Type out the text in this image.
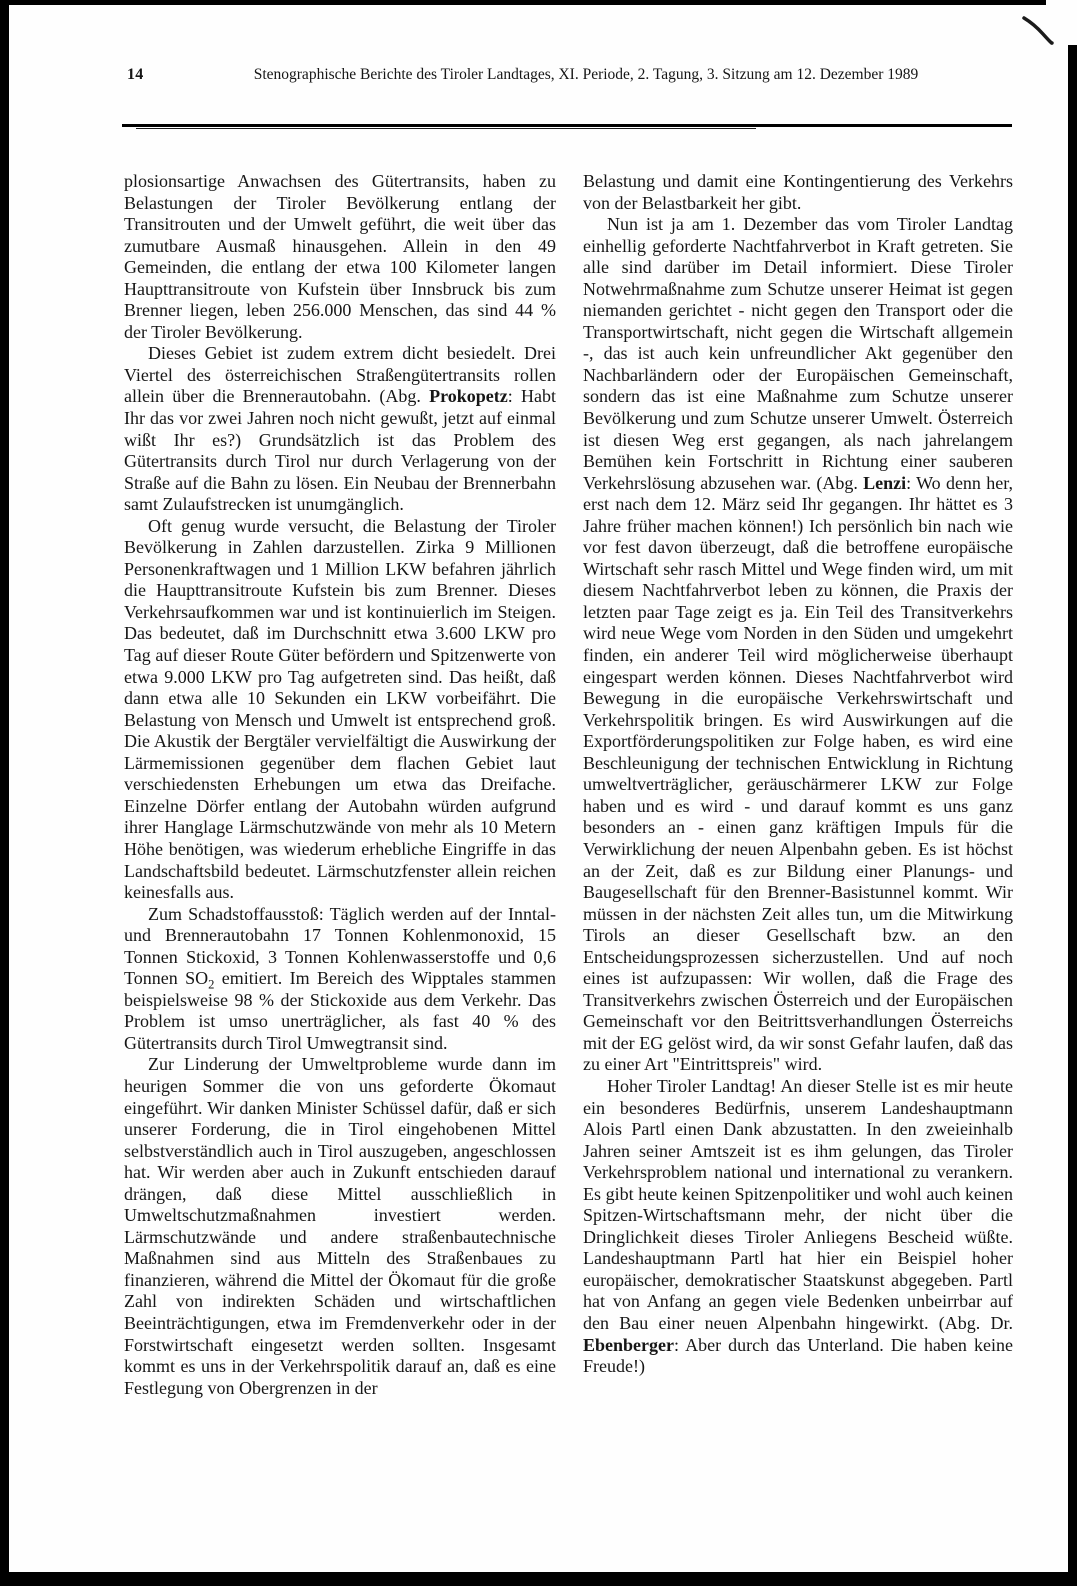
14	Stenographische Berichte des Tiroler Landtages, XI. Periode, 2. Tagung, 3. Sitzung am 12. Dezember 1989

plosionsartige Anwachsen des Gütertransits, haben zu Belastungen der Tiroler Bevölkerung entlang der Transitrouten und der Umwelt geführt, die weit über das zumutbare Ausmaß hinausgehen. Allein in den 49 Gemeinden, die entlang der etwa 100 Kilometer langen Haupttransitroute von Kufstein über Innsbruck bis zum Brenner liegen, leben 256.000 Menschen, das sind 44 % der Tiroler Bevölkerung.

Dieses Gebiet ist zudem extrem dicht besiedelt. Drei Viertel des österreichischen Straßengütertransits rollen allein über die Brennerautobahn. (Abg. Prokopetz: Habt Ihr das vor zwei Jahren noch nicht gewußt, jetzt auf einmal wißt Ihr es?) Grundsätzlich ist das Problem des Gütertransits durch Tirol nur durch Verlagerung von der Straße auf die Bahn zu lösen. Ein Neubau der Brennerbahn samt Zulaufstrecken ist unumgänglich.

Oft genug wurde versucht, die Belastung der Tiroler Bevölkerung in Zahlen darzustellen. Zirka 9 Millionen Personenkraftwagen und 1 Million LKW befahren jährlich die Haupttransitroute Kufstein bis zum Brenner. Dieses Verkehrsaufkommen war und ist kontinuierlich im Steigen. Das bedeutet, daß im Durchschnitt etwa 3.600 LKW pro Tag auf dieser Route Güter befördern und Spitzenwerte von etwa 9.000 LKW pro Tag aufgetreten sind. Das heißt, daß dann etwa alle 10 Sekunden ein LKW vorbeifährt. Die Belastung von Mensch und Umwelt ist entsprechend groß. Die Akustik der Bergtäler vervielfältigt die Auswirkung der Lärmemissionen gegenüber dem flachen Gebiet laut verschiedensten Erhebungen um etwa das Dreifache. Einzelne Dörfer entlang der Autobahn würden aufgrund ihrer Hanglage Lärmschutzwände von mehr als 10 Metern Höhe benötigen, was wiederum erhebliche Eingriffe in das Landschaftsbild bedeutet. Lärmschutzfenster allein reichen keinesfalls aus.

Zum Schadstoffausstoß: Täglich werden auf der Inntal- und Brennerautobahn 17 Tonnen Kohlenmonoxid, 15 Tonnen Stickoxid, 3 Tonnen Kohlenwasserstoffe und 0,6 Tonnen $SO_2$ emitiert. Im Bereich des Wipptales stammen beispielsweise 98 % der Stickoxide aus dem Verkehr. Das Problem ist umso unerträglicher, als fast 40 % des Gütertransits durch Tirol Umwegtransit sind.

Zur Linderung der Umweltprobleme wurde dann im heurigen Sommer die von uns geforderte Ökomaut eingeführt. Wir danken Minister Schüssel dafür, daß er sich unserer Forderung, die in Tirol eingehobenen Mittel selbstverständlich auch in Tirol auszugeben, angeschlossen hat. Wir werden aber auch in Zukunft entschieden darauf drängen, daß diese Mittel ausschließlich in Umweltschutzmaßnahmen investiert werden. Lärmschutzwände und andere straßenbautechnische Maßnahmen sind aus Mitteln des Straßenbaues zu finanzieren, während die Mittel der Ökomaut für die große Zahl von indirekten Schäden und wirtschaftlichen Beeinträchtigungen, etwa im Fremdenverkehr oder in der Forstwirtschaft eingesetzt werden sollten. Insgesamt kommt es uns in der Verkehrspolitik darauf an, daß es eine Festlegung von Obergrenzen in der

Belastung und damit eine Kontingentierung des Verkehrs von der Belastbarkeit her gibt.

Nun ist ja am 1. Dezember das vom Tiroler Landtag einhellig geforderte Nachtfahrverbot in Kraft getreten. Sie alle sind darüber im Detail informiert. Diese Tiroler Notwehrmaßnahme zum Schutze unserer Heimat ist gegen niemanden gerichtet - nicht gegen den Transport oder die Transportwirtschaft, nicht gegen die Wirtschaft allgemein -, das ist auch kein unfreundlicher Akt gegenüber den Nachbarländern oder der Europäischen Gemeinschaft, sondern das ist eine Maßnahme zum Schutze unserer Bevölkerung und zum Schutze unserer Umwelt. Österreich ist diesen Weg erst gegangen, als nach jahrelangem Bemühen kein Fortschritt in Richtung einer sauberen Verkehrslösung abzusehen war. (Abg. Lenzi: Wo denn her, erst nach dem 12. März seid Ihr gegangen. Ihr hättet es 3 Jahre früher machen können!) Ich persönlich bin nach wie vor fest davon überzeugt, daß die betroffene europäische Wirtschaft sehr rasch Mittel und Wege finden wird, um mit diesem Nachtfahrverbot leben zu können, die Praxis der letzten paar Tage zeigt es ja. Ein Teil des Transitverkehrs wird neue Wege vom Norden in den Süden und umgekehrt finden, ein anderer Teil wird möglicherweise überhaupt eingespart werden können. Dieses Nachtfahrverbot wird Bewegung in die europäische Verkehrswirtschaft und Verkehrspolitik bringen. Es wird Auswirkungen auf die Exportförderungspolitiken zur Folge haben, es wird eine Beschleunigung der technischen Entwicklung in Richtung umweltverträglicher, geräuschärmerer LKW zur Folge haben und es wird - und darauf kommt es uns ganz besonders an - einen ganz kräftigen Impuls für die Verwirklichung der neuen Alpenbahn geben. Es ist höchst an der Zeit, daß es zur Bildung einer Planungs- und Baugesellschaft für den Brenner-Basistunnel kommt. Wir müssen in der nächsten Zeit alles tun, um die Mitwirkung Tirols an dieser Gesellschaft bzw. an den Entscheidungsprozessen sicherzustellen. Und auf noch eines ist aufzupassen: Wir wollen, daß die Frage des Transitverkehrs zwischen Österreich und der Europäischen Gemeinschaft vor den Beitrittsverhandlungen Österreichs mit der EG gelöst wird, da wir sonst Gefahr laufen, daß das zu einer Art "Eintrittspreis" wird.

Hoher Tiroler Landtag! An dieser Stelle ist es mir heute ein besonderes Bedürfnis, unserem Landeshauptmann Alois Partl einen Dank abzustatten. In den zweieinhalb Jahren seiner Amtszeit ist es ihm gelungen, das Tiroler Verkehrsproblem national und international zu verankern. Es gibt heute keinen Spitzenpolitiker und wohl auch keinen Spitzen-Wirtschaftsmann mehr, der nicht über die Dringlichkeit dieses Tiroler Anliegens Bescheid wüßte. Landeshauptmann Partl hat hier ein Beispiel hoher europäischer, demokratischer Staatskunst abgegeben. Partl hat von Anfang an gegen viele Bedenken unbeirrbar auf den Bau einer neuen Alpenbahn hingewirkt. (Abg. Dr. Ebenberger: Aber durch das Unterland. Die haben keine Freude!)
